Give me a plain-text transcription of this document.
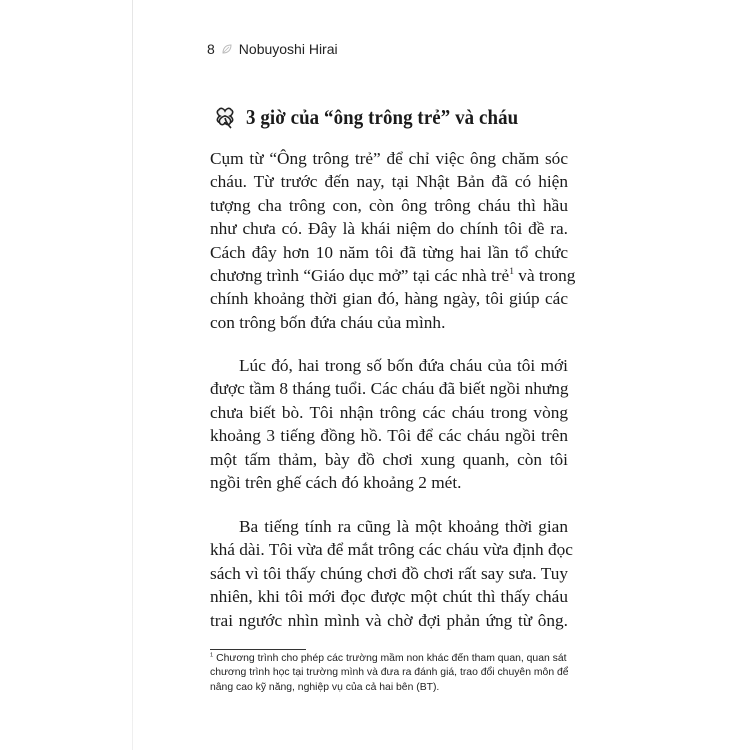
8 Nobuyoshi Hirai
3 giờ của “ông trông trẻ” và cháu

Cụm từ “Ông trông trẻ” để chỉ việc ông chăm sóc
cháu. Từ trước đến nay, tại Nhật Bản đã có hiện
tượng cha trông con, còn ông trông cháu thì hầu
như chưa có. Đây là khái niệm do chính tôi đề ra.
Cách đây hơn 10 năm tôi đã từng hai lần tổ chức
chương trình “Giáo dục mở” tại các nhà trẻ$^1$ và trong
chính khoảng thời gian đó, hàng ngày, tôi giúp các
con trông bốn đứa cháu của mình.

Lúc đó, hai trong số bốn đứa cháu của tôi mới
được tầm 8 tháng tuổi. Các cháu đã biết ngồi nhưng
chưa biết bò. Tôi nhận trông các cháu trong vòng
khoảng 3 tiếng đồng hồ. Tôi để các cháu ngồi trên
một tấm thảm, bày đồ chơi xung quanh, còn tôi
ngồi trên ghế cách đó khoảng 2 mét.

Ba tiếng tính ra cũng là một khoảng thời gian
khá dài. Tôi vừa để mắt trông các cháu vừa định đọc
sách vì tôi thấy chúng chơi đồ chơi rất say sưa. Tuy
nhiên, khi tôi mới đọc được một chút thì thấy cháu
trai ngước nhìn mình và chờ đợi phản ứng từ ông.

$^1$ Chương trình cho phép các trường mầm non khác đến tham quan, quan sát
chương trình học tại trường mình và đưa ra đánh giá, trao đổi chuyên môn để
nâng cao kỹ năng, nghiệp vụ của cả hai bên (BT).
